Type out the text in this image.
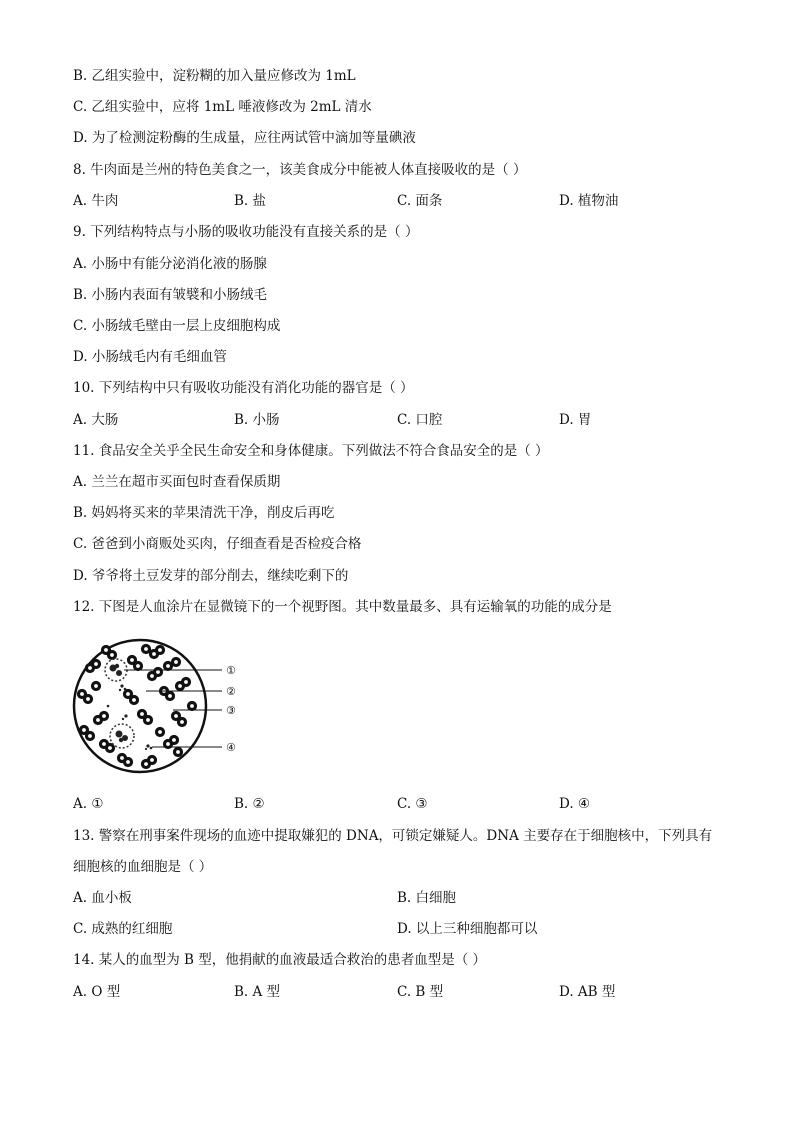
B. 乙组实验中，淀粉糊的加入量应修改为 1mL
C. 乙组实验中，应将 1mL 唾液修改为 2mL 清水
D. 为了检测淀粉酶的生成量，应往两试管中滴加等量碘液
8. 牛肉面是兰州的特色美食之一，该美食成分中能被人体直接吸收的是（ ）
A. 牛肉	B. 盐	C. 面条	D. 植物油
9. 下列结构特点与小肠的吸收功能没有直接关系的是（ ）
A. 小肠中有能分泌消化液的肠腺
B. 小肠内表面有皱襞和小肠绒毛
C. 小肠绒毛壁由一层上皮细胞构成
D. 小肠绒毛内有毛细血管
10. 下列结构中只有吸收功能没有消化功能的器官是（ ）
A. 大肠	B. 小肠	C. 口腔	D. 胃
11. 食品安全关乎全民生命安全和身体健康。下列做法不符合食品安全的是（ ）
A. 兰兰在超市买面包时查看保质期
B. 妈妈将买来的苹果清洗干净，削皮后再吃
C. 爸爸到小商贩处买肉，仔细查看是否检疫合格
D. 爷爷将土豆发芽的部分削去，继续吃剩下的
12. 下图是人血涂片在显微镜下的一个视野图。其中数量最多、具有运输氧的功能的成分是
①
②
③
④
A. ①	B. ②	C. ③	D. ④
13. 警察在刑事案件现场的血迹中提取嫌犯的 DNA，可锁定嫌疑人。DNA 主要存在于细胞核中，下列具有
细胞核的血细胞是（ ）
A. 血小板	B. 白细胞
C. 成熟的红细胞	D. 以上三种细胞都可以
14. 某人的血型为 B 型，他捐献的血液最适合救治的患者血型是（ ）
A. O 型	B. A 型	C. B 型	D. AB 型
